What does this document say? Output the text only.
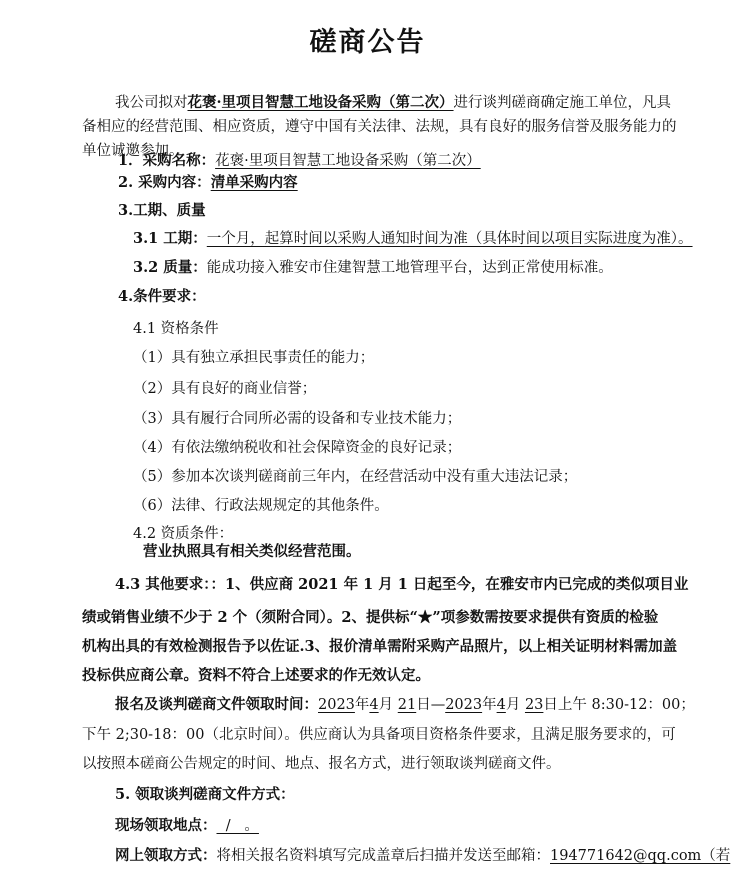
磋商公告
我公司拟对花褒·里项目智慧工地设备采购（第二次）进行谈判磋商确定施工单位，凡具
备相应的经营范围、相应资质，遵守中国有关法律、法规，具有良好的服务信誉及服务能力的
单位诚邀参加。
1．采购名称：花褒·里项目智慧工地设备采购（第二次）
2. 采购内容：清单采购内容
3.工期、质量
3.1 工期：一个月，起算时间以采购人通知时间为准（具体时间以项目实际进度为准）。
3.2 质量：能成功接入雅安市住建智慧工地管理平台，达到正常使用标准。
4.条件要求：
4.1 资格条件
（1）具有独立承担民事责任的能力；
（2）具有良好的商业信誉；
（3）具有履行合同所必需的设备和专业技术能力；
（4）有依法缴纳税收和社会保障资金的良好记录；
（5）参加本次谈判磋商前三年内，在经营活动中没有重大违法记录；
（6）法律、行政法规规定的其他条件。
4.2 资质条件：
营业执照具有相关类似经营范围。
4.3 其他要求：：1、供应商 2021 年 1 月 1 日起至今，在雅安市内已完成的类似项目业
绩或销售业绩不少于 2 个（须附合同）。2、提供标“★”项参数需按要求提供有资质的检验
机构出具的有效检测报告予以佐证.3、报价清单需附采购产品照片，以上相关证明材料需加盖
投标供应商公章。资料不符合上述要求的作无效认定。
报名及谈判磋商文件领取时间：2023年4月 21日—2023年4月 23日上午 8:30-12：00；
下午 2;30-18：00（北京时间）。供应商认为具备项目资格条件要求，且满足服务要求的，可
以按照本磋商公告规定的时间、地点、报名方式，进行领取谈判磋商文件。
5. 领取谈判磋商文件方式：
现场领取地点：  /   。
网上领取方式：将相关报名资料填写完成盖章后扫描并发送至邮箱：194771642@qq.com（若
